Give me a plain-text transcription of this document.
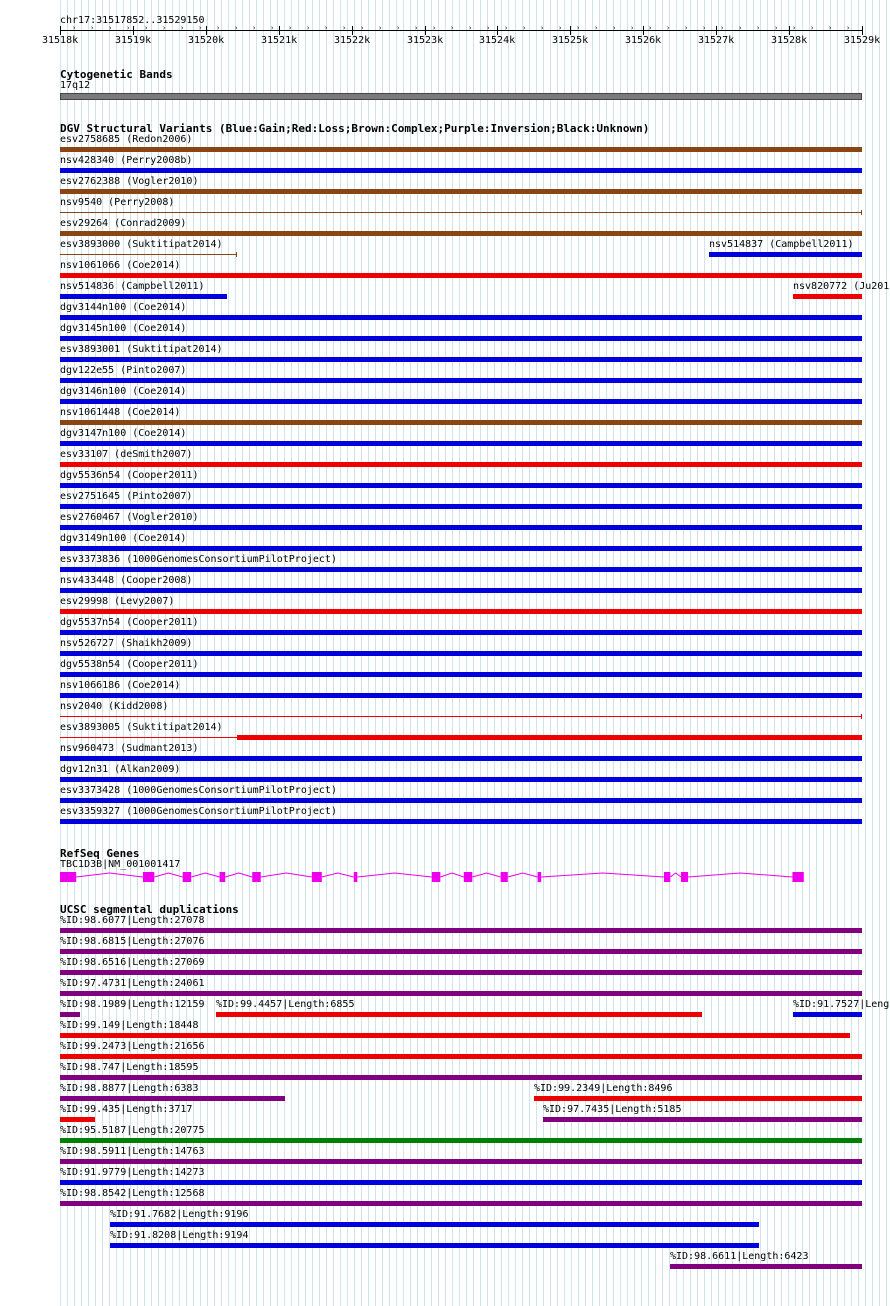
chr17:31517852..31529150
Cytogenetic Bands
DGV Structural Variants (Blue:Gain;Red:Loss;Brown:Complex;Purple:Inversion;Black:Unknown)
RefSeq Genes
UCSC segmental duplications
31518k	31519k	31520k	31521k	31522k	31523k	31524k	31525k	31526k	31527k	31528k	31529k
› › › › › › › › › › › › › › › › › › › › › › › › › › › › › › › › › › › › › › › › › › › ›
17q12
esv2758685 (Redon2006)
nsv428340 (Perry2008b)
esv2762388 (Vogler2010)
nsv9540 (Perry2008)
esv29264 (Conrad2009)
esv3893000 (Suktitipat2014)	nsv514837 (Campbell2011)
nsv1061066 (Coe2014)
nsv514836 (Campbell2011)	nsv820772 (Ju201
dgv3144n100 (Coe2014)
dgv3145n100 (Coe2014)
esv3893001 (Suktitipat2014)
dgv122e55 (Pinto2007)
dgv3146n100 (Coe2014)
nsv1061448 (Coe2014)
dgv3147n100 (Coe2014)
esv33107 (deSmith2007)
dgv5536n54 (Cooper2011)
esv2751645 (Pinto2007)
esv2760467 (Vogler2010)
dgv3149n100 (Coe2014)
esv3373836 (1000GenomesConsortiumPilotProject)
nsv433448 (Cooper2008)
esv29998 (Levy2007)
dgv5537n54 (Cooper2011)
nsv526727 (Shaikh2009)
dgv5538n54 (Cooper2011)
nsv1066186 (Coe2014)
nsv2040 (Kidd2008)
esv3893005 (Suktitipat2014)
nsv960473 (Sudmant2013)
dgv12n31 (Alkan2009)
esv3373428 (1000GenomesConsortiumPilotProject)
esv3359327 (1000GenomesConsortiumPilotProject)
TBC1D3B|NM_001001417
%ID:98.6077|Length:27078
%ID:98.6815|Length:27076
%ID:98.6516|Length:27069
%ID:97.4731|Length:24061
%ID:98.1989|Length:12159 %ID:99.4457|Length:6855	%ID:91.7527|Leng
%ID:99.149|Length:18448
%ID:99.2473|Length:21656
%ID:98.747|Length:18595
%ID:98.8877|Length:6383	%ID:99.2349|Length:8496
%ID:99.435|Length:3717	%ID:97.7435|Length:5185
%ID:95.5187|Length:20775
%ID:98.5911|Length:14763
%ID:91.9779|Length:14273
%ID:98.8542|Length:12568
%ID:91.7682|Length:9196
%ID:91.8208|Length:9194
%ID:98.6611|Length:6423
